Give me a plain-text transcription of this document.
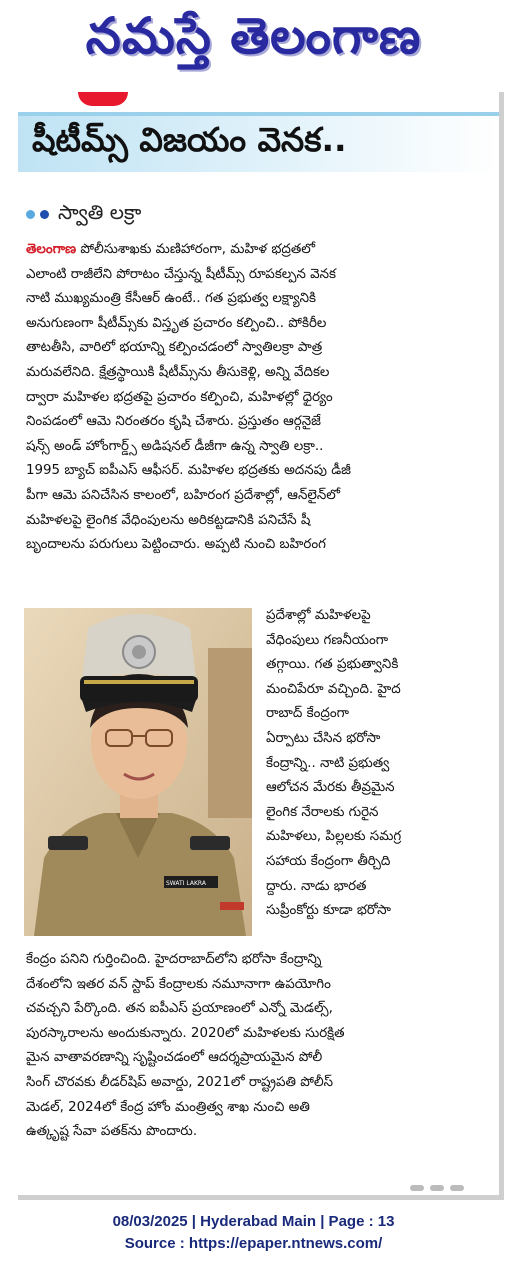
నమస్తే తెలంగాణ
షీటీమ్స్ విజయం వెనక..
స్వాతి లక్రా
తెలంగాణ పోలీసుశాఖకు మణిహారంగా, మహిళ భద్రతలో
ఎలాంటి రాజీలేని పోరాటం చేస్తున్న షీటీమ్స్ రూపకల్పన వెనక
నాటి ముఖ్యమంత్రి కేసీఆర్ ఉంటే.. గత ప్రభుత్వ లక్ష్యానికి
అనుగుణంగా షీటీమ్స్‌కు విస్తృత ప్రచారం కల్పించి.. పోకిరీల
తాటతీసి, వారిలో భయాన్ని కల్పించడంలో స్వాతిలక్రా పాత్ర
మరువలేనిది. క్షేత్రస్థాయికి షీటీమ్స్‌ను తీసుకెళ్లి, అన్ని వేదికల
ద్వారా మహిళల భద్రతపై ప్రచారం కల్పించి, మహిళల్లో ధైర్యం
నింపడంలో ఆమె నిరంతరం కృషి చేశారు. ప్రస్తుతం ఆర్గనైజే
షన్స్ అండ్ హోంగార్డ్స్ అడిషనల్ డీజీగా ఉన్న స్వాతి లక్రా..
1995 బ్యాచ్ ఐపీఎస్ ఆఫీసర్. మహిళల భద్రతకు అదనపు డీజీ
పీగా ఆమె పనిచేసిన కాలంలో, బహిరంగ ప్రదేశాల్లో, ఆన్‌లైన్‌లో
మహిళలపై లైంగిక వేధింపులను అరికట్టడానికి పనిచేసే షీ
బృందాలను పరుగులు పెట్టించారు. అప్పటి నుంచి బహిరంగ
SWATI LAKRA
ప్రదేశాల్లో మహిళలపై
వేధింపులు గణనీయంగా
తగ్గాయి. గత ప్రభుత్వానికి
మంచిపేరూ వచ్చింది. హైద
రాబాద్ కేంద్రంగా
ఏర్పాటు చేసిన భరోసా
కేంద్రాన్ని.. నాటి ప్రభుత్వ
ఆలోచన మేరకు తీవ్రమైన
లైంగిక నేరాలకు గురైన
మహిళలు, పిల్లలకు సమగ్ర
సహాయ కేంద్రంగా తీర్చిది
ద్దారు. నాడు భారత
సుప్రీంకోర్టు కూడా భరోసా
కేంద్రం పనిని గుర్తించింది. హైదరాబాద్‌లోని భరోసా కేంద్రాన్ని
దేశంలోని ఇతర వన్ స్టాప్ కేంద్రాలకు నమూనాగా ఉపయోగిం
చవచ్చని పేర్కొంది. తన ఐపీఎస్ ప్రయాణంలో ఎన్నో మెడల్స్,
పురస్కారాలను అందుకున్నారు. 2020లో మహిళలకు సురక్షిత
మైన వాతావరణాన్ని సృష్టించడంలో ఆదర్శప్రాయమైన పోలీ
సింగ్ చొరవకు లీడర్‌షిప్ అవార్డు, 2021లో రాష్ట్రపతి పోలీస్
మెడల్, 2024లో కేంద్ర హోం మంత్రిత్వ శాఖ నుంచి అతి
ఉత్కృష్ట సేవా పతక్‌ను పొందారు.
08/03/2025 | Hyderabad Main | Page : 13
Source : https://epaper.ntnews.com/
